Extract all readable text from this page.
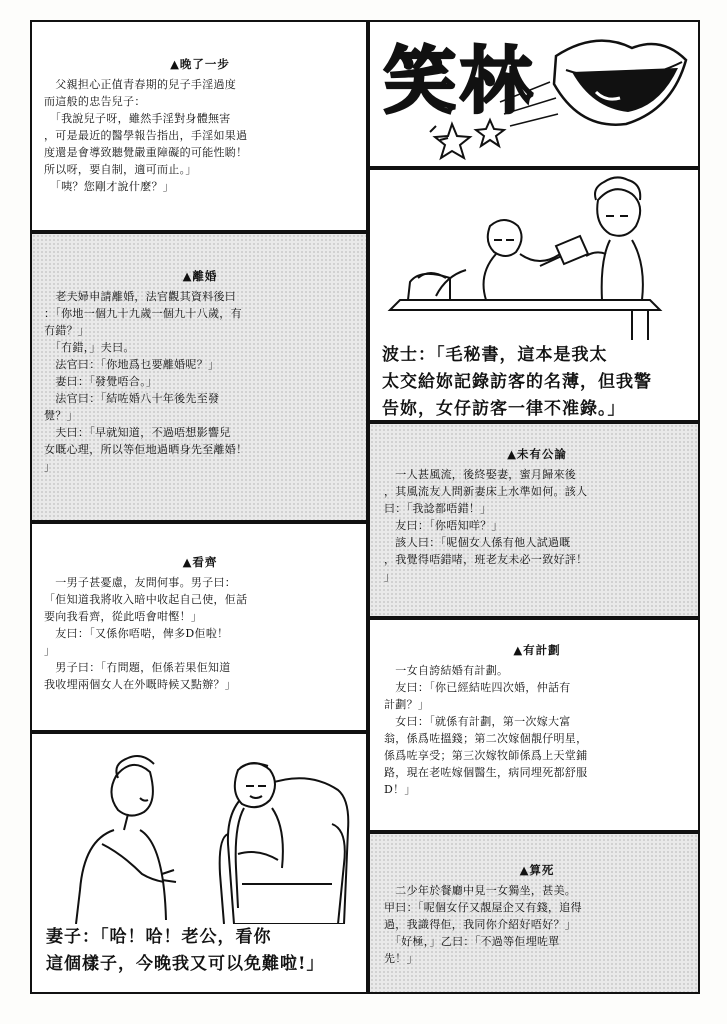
▲晚了一步

　父親担心正值青春期的兒子手淫過度
而這般的忠告兒子：
　「我說兒子呀，雖然手淫對身體無害
，可是最近的醫學報告指出，手淫如果過
度還是會導致聽覺嚴重障礙的可能性喲！
所以呀，要自制，適可而止。」
　「咦？您剛才說什麼？」

▲離婚

　老夫婦申請離婚，法官觀其資料後曰
：「你地一個九十九歲一個九十八歲，有
冇錯？」
　「冇錯，」夫曰。
　法官曰：「你地爲乜要離婚呢？」
　妻曰：「發覺唔合。」
　法官曰：「結咗婚八十年後先至發
覺？」
　夫曰：「早就知道，不過唔想影響兒
女嘅心理，所以等佢地過晒身先至離婚！
」

▲看齊

　一男子甚憂慮，友問何事。男子曰：
「佢知道我將收入暗中收起自己使，佢話
要向我看齊，從此唔會咁慳！」
　友曰：「又係你唔啱，俾多D佢啦！
」
　男子曰：「冇問題，佢係若果佢知道
我收埋兩個女人在外嘅時候又點辦？」

妻子：「哈！哈！老公，看你
這個樣子，今晚我又可以免難啦!」

笑林

波士：「毛秘書，這本是我太
太交給妳記錄訪客的名薄，但我警
告妳，女仔訪客一律不准錄。」

▲未有公論

　一人甚風流，後終娶妻，蜜月歸來後
，其風流友人問新妻床上水準如何。該人
曰：「我諗都唔錯！」
　友曰：「你唔知咩？」
　該人曰：「呢個女人係有他人試過嘅
，我覺得唔錯啫，班老友未必一致好評！
」

▲有計劃

　一女自誇結婚有計劃。
　友曰：「你已經結咗四次婚，仲話有
計劃？」
　女曰：「就係有計劃，第一次嫁大富
翁，係爲咗搵錢；第二次嫁個靚仔明星，
係爲咗享受；第三次嫁牧師係爲上天堂鋪
路，現在老咗嫁個醫生，病同埋死都舒服
D！」

▲算死

　二少年於餐廳中見一女獨坐，甚美。
甲曰：「呢個女仔又靚屋企又有錢，追得
過，我識得佢，我同你介紹好唔好？」
　「好極，」乙曰：「不過等佢埋咗單
先！」
